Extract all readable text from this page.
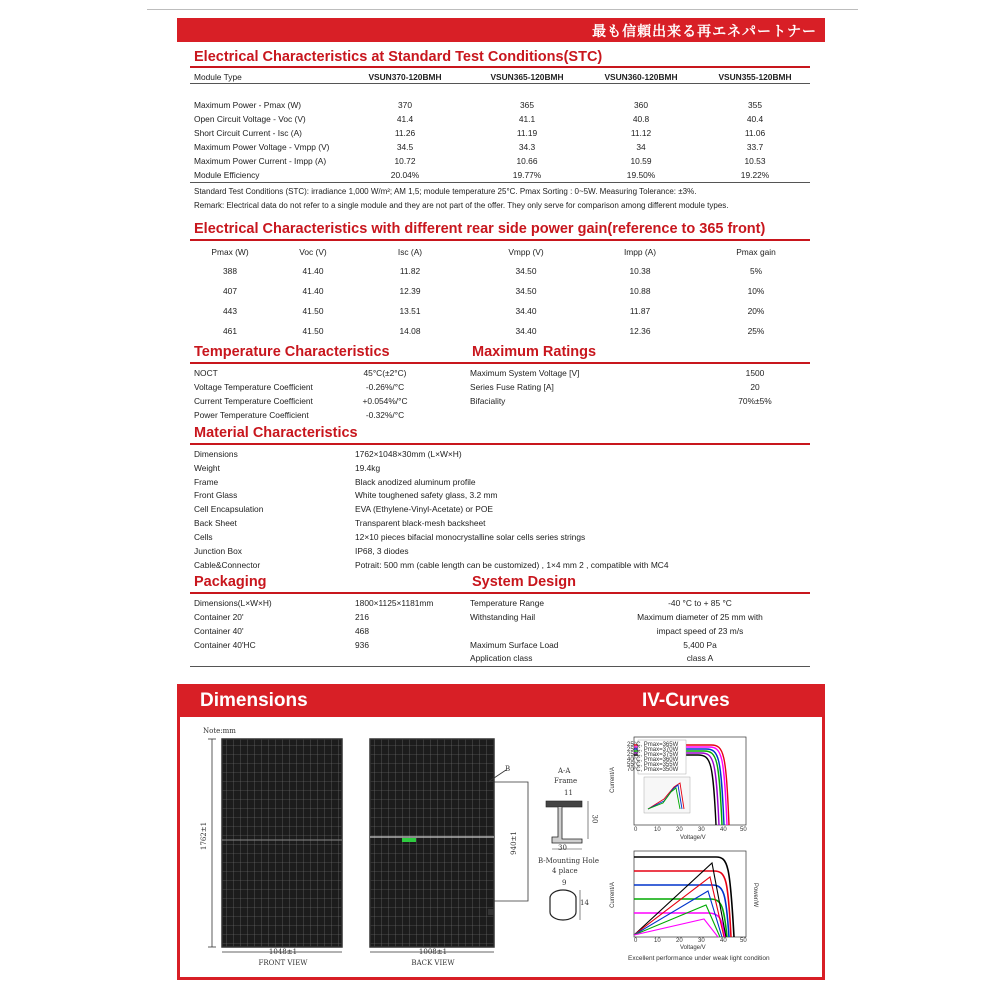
最も信頼出来る再エネパートナー
Electrical Characteristics at Standard Test Conditions(STC)
Module Type	VSUN370-120BMH	VSUN365-120BMH	VSUN360-120BMH	VSUN355-120BMH
Maximum Power - Pmax (W)	370	365	360	355
Open Circuit Voltage - Voc (V)	41.4	41.1	40.8	40.4
Short Circuit Current - Isc (A)	11.26	11.19	11.12	11.06
Maximum Power Voltage - Vmpp (V)	34.5	34.3	34	33.7
Maximum Power Current - Impp (A)	10.72	10.66	10.59	10.53
Module Efficiency	20.04%	19.77%	19.50%	19.22%
Standard Test Conditions (STC): irradiance 1,000 W/m²; AM 1,5; module temperature 25°C. Pmax Sorting : 0~5W. Measuring Tolerance: ±3%.
Remark: Electrical data do not refer to a single module and they are not part of the offer. They only serve for comparison among different module types.
Electrical Characteristics with different rear side power gain(reference to 365 front)
Pmax (W)	Voc (V)	Isc (A)	Vmpp (V)	Impp (A)	Pmax gain
388	41.40	11.82	34.50	10.38	5%
407	41.40	12.39	34.50	10.88	10%
443	41.50	13.51	34.40	11.87	20%
461	41.50	14.08	34.40	12.36	25%
Temperature Characteristics	Maximum Ratings
NOCT	45°C(±2°C)
Voltage Temperature Coefficient	-0.26%/°C
Current Temperature Coefficient	+0.054%/°C
Power Temperature Coefficient	-0.32%/°C
Maximum System Voltage [V]	1500
Series Fuse Rating [A]	20
Bifaciality	70%±5%
Material Characteristics
Dimensions	1762×1048×30mm (L×W×H)
Weight	19.4kg
Frame	Black anodized aluminum profile
Front Glass	White toughened safety glass, 3.2 mm
Cell Encapsulation	EVA (Ethylene-Vinyl-Acetate) or POE
Back Sheet	Transparent black-mesh backsheet
Cells	12×10 pieces bifacial monocrystalline solar cells series strings
Junction Box	IP68, 3 diodes
Cable&Connector	Potrait: 500 mm (cable length can be customized) , 1×4 mm 2 , compatible with MC4
Packaging	System Design
Dimensions(L×W×H)	1800×1125×1181mm
Container 20'	216
Container 40'	468
Container 40'HC	936
Temperature Range	-40 °C to + 85 °C
Withstanding Hail	Maximum diameter of 25 mm with
impact speed of 23 m/s
Maximum Surface Load	5,400 Pa
Application class	class A
Dimensions	IV-Curves
Note:mm
1762±1
1048±1
FRONT VIEW
B
940±1
1008±1
BACK VIEW
A-A
Frame
11
30
30
B-Mounting Hole
4 place
9
14
25°C, Pmax=365W
25°C, Pmax=370W
25°C, Pmax=375W
40°C, Pmax=360W
55°C, Pmax=355W
70°C, Pmax=350W
Current/A
0	10	20	30	40 50
Voltage/V
Current/A	Power/W
0	10	20	30	40 50
Voltage/V
Excellent performance under weak light condition
